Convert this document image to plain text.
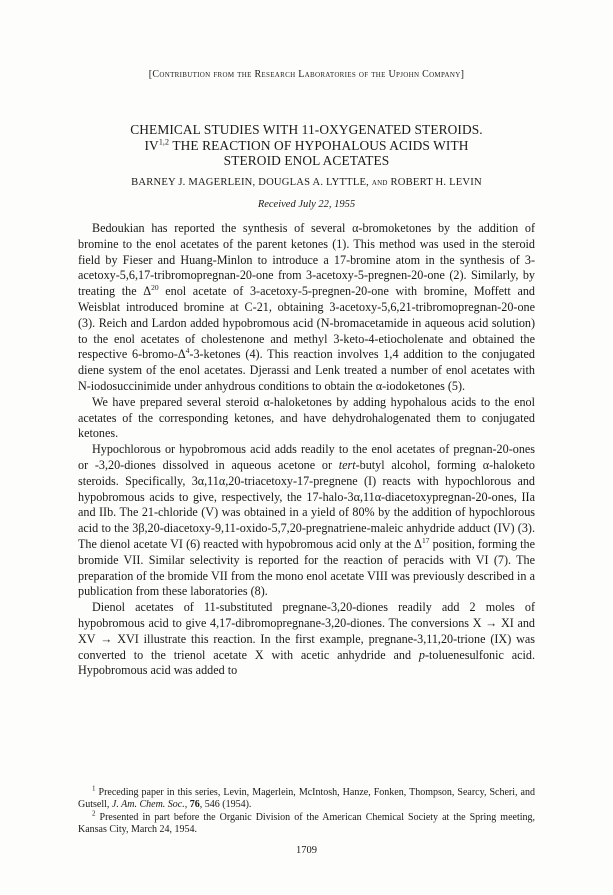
[Contribution from the Research Laboratories of the Upjohn Company]
CHEMICAL STUDIES WITH 11-OXYGENATED STEROIDS.
IV$^{1,2}$ THE REACTION OF HYPOHALOUS ACIDS WITH
STEROID ENOL ACETATES
BARNEY J. MAGERLEIN, DOUGLAS A. LYTTLE, and ROBERT H. LEVIN
Received July 22, 1955

Bedoukian has reported the synthesis of several α-bromoketones by the addition of bromine to the enol acetates of the parent ketones (1). This method was used in the steroid field by Fieser and Huang-Minlon to introduce a 17-bromine atom in the synthesis of 3-acetoxy-5,6,17-tribromopregnan-20-one from 3-acetoxy-5-pregnen-20-one (2). Similarly, by treating the $\Delta^{20}$ enol acetate of 3-acetoxy-5-pregnen-20-one with bromine, Moffett and Weisblat introduced bromine at C-21, obtaining 3-acetoxy-5,6,21-tribromopregnan-20-one (3). Reich and Lardon added hypobromous acid (N-bromacetamide in aqueous acid solution) to the enol acetates of cholestenone and methyl 3-keto-4-etiocholenate and obtained the respective $6-bromo-\Delta^4-3$-ketones (4). This reaction involves 1,4 addition to the conjugated diene system of the enol acetates. Djerassi and Lenk treated a number of enol acetates with N-iodosuccinimide under anhydrous conditions to obtain the α-iodoketones (5).

We have prepared several steroid α-haloketones by adding hypohalous acids to the enol acetates of the corresponding ketones, and have dehydrohalogenated them to conjugated ketones.

Hypochlorous or hypobromous acid adds readily to the enol acetates of pregnan-20-ones or -3,20-diones dissolved in aqueous acetone or tert-butyl alcohol, forming α-haloketo steroids. Specifically, 3α,11α,20-triacetoxy-17-pregnene (I) reacts with hypochlorous and hypobromous acids to give, respectively, the 17-halo-3α,11α-diacetoxypregnan-20-ones, IIa and IIb. The 21-chloride (V) was obtained in a yield of 80% by the addition of hypochlorous acid to the 3β,20-diacetoxy-9,11-oxido-5,7,20-pregnatriene-maleic anhydride adduct (IV) (3). The dienol acetate VI (6) reacted with hypobromous acid only at the $\Delta^{17}$ position, forming the bromide VII. Similar selectivity is reported for the reaction of peracids with VI (7). The preparation of the bromide VII from the mono enol acetate VIII was previously described in a publication from these laboratories (8).

Dienol acetates of 11-substituted pregnane-3,20-diones readily add 2 moles of hypobromous acid to give 4,17-dibromopregnane-3,20-diones. The conversions X → XI and XV → XVI illustrate this reaction. In the first example, pregnane-3,11,20-trione (IX) was converted to the trienol acetate X with acetic anhydride and p-toluenesulfonic acid. Hypobromous acid was added to

$^1$ Preceding paper in this series, Levin, Magerlein, McIntosh, Hanze, Fonken, Thompson, Searcy, Scheri, and Gutsell, J. Am. Chem. Soc., 76, 546 (1954).

$^2$ Presented in part before the Organic Division of the American Chemical Society at the Spring meeting, Kansas City, March 24, 1954.

1709
